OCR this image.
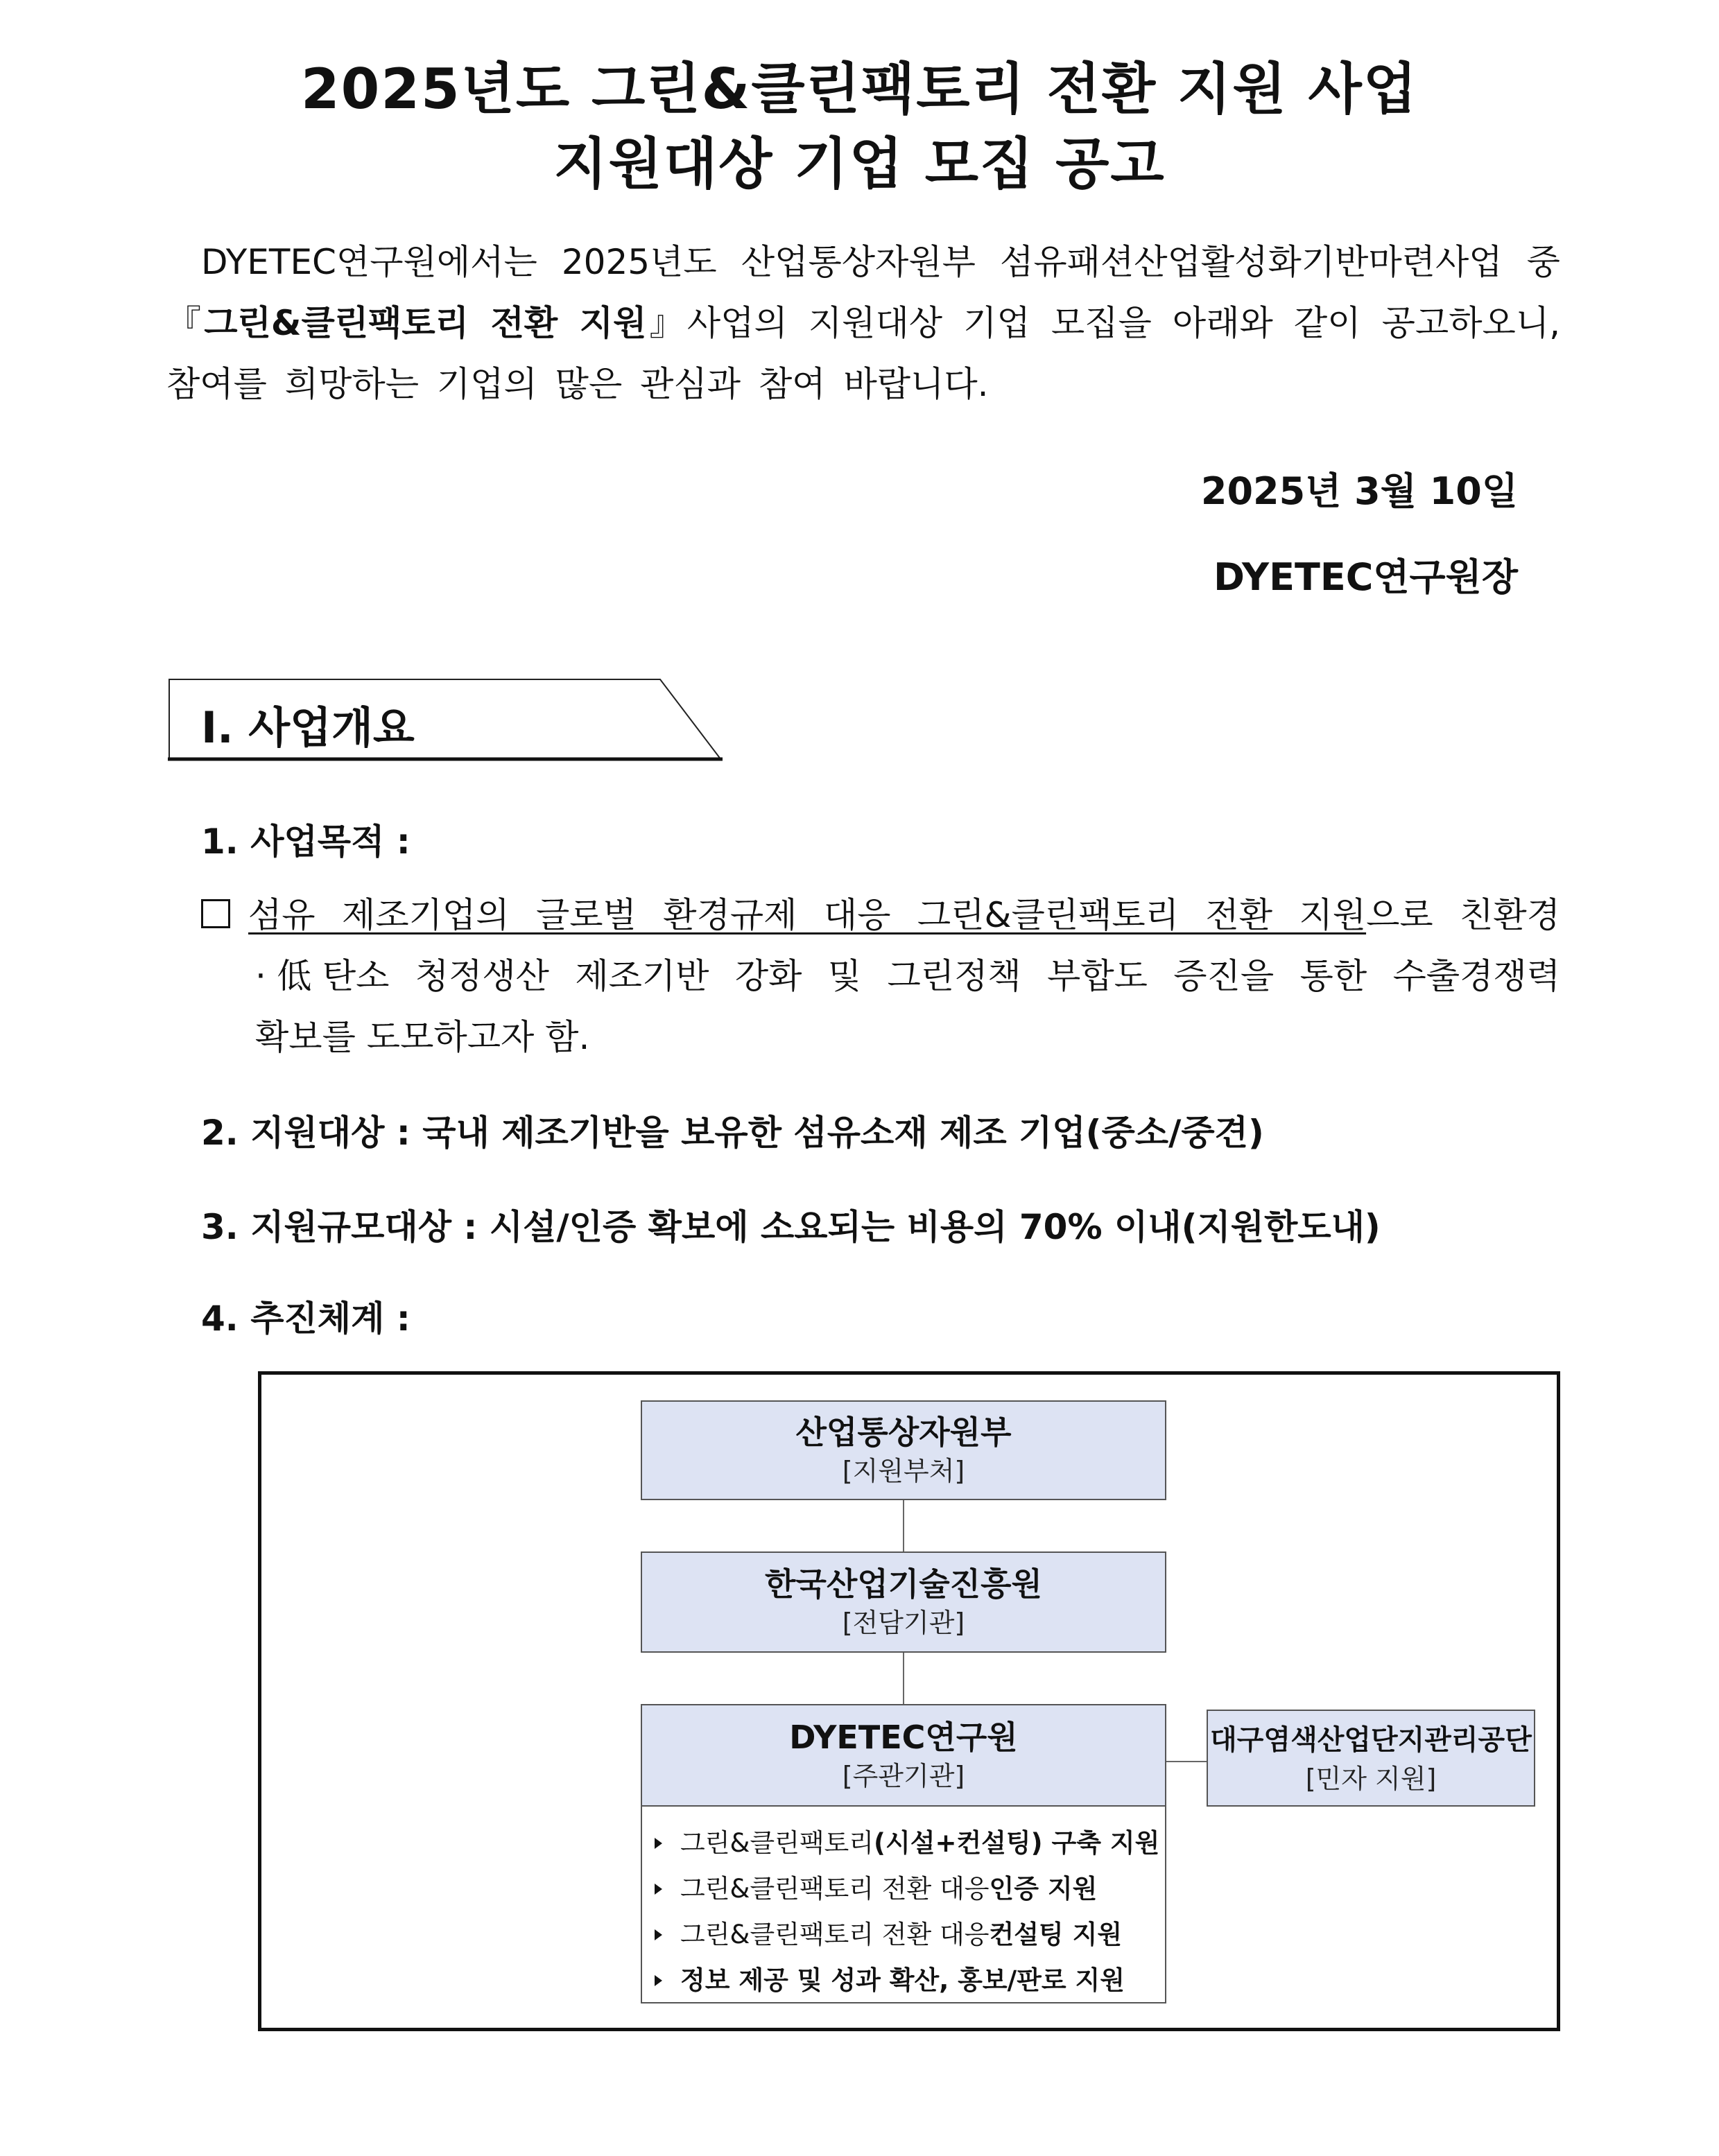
2025년도 그린&클린팩토리 전환 지원 사업
지원대상 기업 모집 공고
DYETEC연구원에서는 2025년도 산업통상자원부 섬유패션산업활성화기반마련사업 중『그린&클린팩토리 전환 지원』사업의 지원대상 기업 모집을 아래와 같이 공고하오니, 참여를 희망하는 기업의 많은 관심과 참여 바랍니다.
2025년 3월 10일
DYETEC연구원장
Ⅰ. 사업개요
1. 사업목적 :
섬유 제조기업의 글로벌 환경규제 대응 그린&클린팩토리 전환 지원으로 친환경
·低탄소 청정생산 제조기반 강화 및 그린정책 부합도 증진을 통한 수출경쟁력
확보를 도모하고자 함.
2. 지원대상 : 국내 제조기반을 보유한 섬유소재 제조 기업(중소/중견)
3. 지원규모대상 : 시설/인증 확보에 소요되는 비용의 70% 이내(지원한도내)
4. 추진체계 :
산업통상자원부
[지원부처]
한국산업기술진흥원
[전담기관]
DYETEC연구원
[주관기관]
대구염색산업단지관리공단
[민자 지원]
그린&클린팩토리 (시설+컨설팅) 구축 지원
그린&클린팩토리 전환 대응 인증 지원
그린&클린팩토리 전환 대응 컨설팅 지원
정보 제공 및 성과 확산, 홍보/판로 지원
